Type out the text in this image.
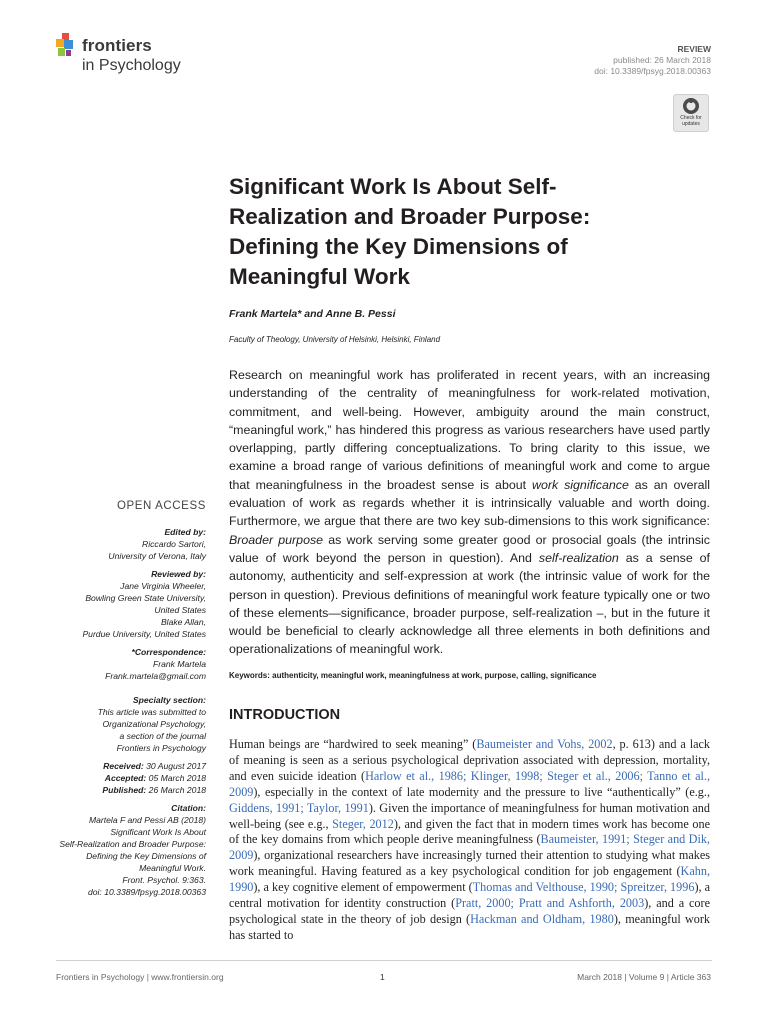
frontiers
in Psychology
REVIEW
published: 26 March 2018
doi: 10.3389/fpsyg.2018.00363
Check for
updates
Significant Work Is About Self-Realization and Broader Purpose: Defining the Key Dimensions of Meaningful Work
Frank Martela* and Anne B. Pessi
Faculty of Theology, University of Helsinki, Helsinki, Finland
Research on meaningful work has proliferated in recent years, with an increasing understanding of the centrality of meaningfulness for work-related motivation, commitment, and well-being. However, ambiguity around the main construct, “meaningful work,” has hindered this progress as various researchers have used partly overlapping, partly differing conceptualizations. To bring clarity to this issue, we examine a broad range of various definitions of meaningful work and come to argue that meaningfulness in the broadest sense is about work significance as an overall evaluation of work as regards whether it is intrinsically valuable and worth doing. Furthermore, we argue that there are two key sub-dimensions to this work significance: Broader purpose as work serving some greater good or prosocial goals (the intrinsic value of work beyond the person in question). And self-realization as a sense of autonomy, authenticity and self-expression at work (the intrinsic value of work for the person in question). Previous definitions of meaningful work feature typically one or two of these elements—significance, broader purpose, self-realization –, but in the future it would be beneficial to clearly acknowledge all three elements in both definitions and operationalizations of meaningful work.
Keywords: authenticity, meaningful work, meaningfulness at work, purpose, calling, significance
OPEN ACCESS
Edited by:
Riccardo Sartori,
University of Verona, Italy
Reviewed by:
Jane Virginia Wheeler,
Bowling Green State University,
United States
Blake Allan,
Purdue University, United States
*Correspondence:
Frank Martela
Frank.martela@gmail.com
Specialty section:
This article was submitted to
Organizational Psychology,
a section of the journal
Frontiers in Psychology
Received: 30 August 2017
Accepted: 05 March 2018
Published: 26 March 2018
Citation:
Martela F and Pessi AB (2018)
Significant Work Is About
Self-Realization and Broader Purpose:
Defining the Key Dimensions of
Meaningful Work.
Front. Psychol. 9:363.
doi: 10.3389/fpsyg.2018.00363
INTRODUCTION
Human beings are “hardwired to seek meaning” (Baumeister and Vohs, 2002, p. 613) and a lack of meaning is seen as a serious psychological deprivation associated with depression, mortality, and even suicide ideation (Harlow et al., 1986; Klinger, 1998; Steger et al., 2006; Tanno et al., 2009), especially in the context of late modernity and the pressure to live “authentically” (e.g., Giddens, 1991; Taylor, 1991). Given the importance of meaningfulness for human motivation and well-being (see e.g., Steger, 2012), and given the fact that in modern times work has become one of the key domains from which people derive meaningfulness (Baumeister, 1991; Steger and Dik, 2009), organizational researchers have increasingly turned their attention to studying what makes work meaningful. Having featured as a key psychological condition for job engagement (Kahn, 1990), a key cognitive element of empowerment (Thomas and Velthouse, 1990; Spreitzer, 1996), a central motivation for identity construction (Pratt, 2000; Pratt and Ashforth, 2003), and a core psychological state in the theory of job design (Hackman and Oldham, 1980), meaningful work has started to
Frontiers in Psychology | www.frontiersin.org	1	March 2018 | Volume 9 | Article 363
